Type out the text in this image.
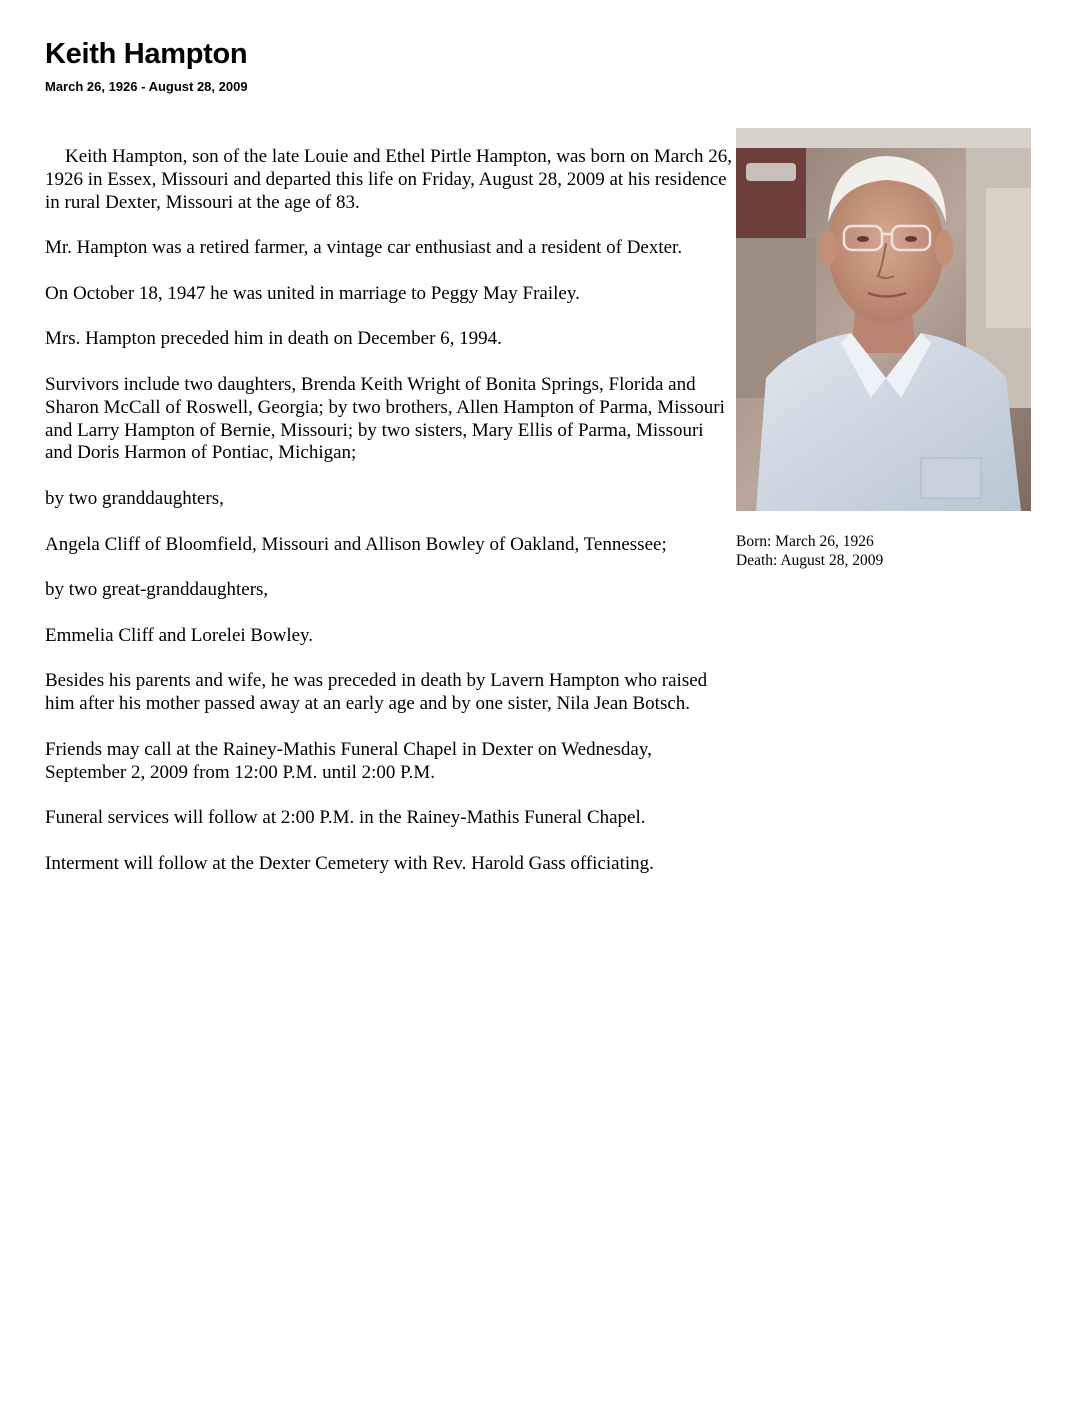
Keith Hampton
March 26, 1926 - August 28, 2009

Keith Hampton, son of the late Louie and Ethel Pirtle Hampton, was born on March 26, 1926 in Essex, Missouri and departed this life on Friday, August 28, 2009 at his residence in rural Dexter, Missouri at the age of 83.

Mr. Hampton was a retired farmer, a vintage car enthusiast and a resident of Dexter.

On October 18, 1947 he was united in marriage to Peggy May Frailey.

Mrs. Hampton preceded him in death on December 6, 1994.

Survivors include two daughters, Brenda Keith Wright of Bonita Springs, Florida and Sharon McCall of Roswell, Georgia; by two brothers, Allen Hampton of Parma, Missouri and Larry Hampton of Bernie, Missouri; by two sisters, Mary Ellis of Parma, Missouri and Doris Harmon of Pontiac, Michigan;

by two granddaughters,

Angela Cliff of Bloomfield, Missouri and Allison Bowley of Oakland, Tennessee;

by two great-granddaughters,

Emmelia Cliff and Lorelei Bowley.

Besides his parents and wife, he was preceded in death by Lavern Hampton who raised him after his mother passed away at an early age and by one sister, Nila Jean Botsch.

Friends may call at the Rainey-Mathis Funeral Chapel in Dexter on Wednesday, September 2, 2009 from 12:00 P.M. until 2:00 P.M.

Funeral services will follow at 2:00 P.M. in the Rainey-Mathis Funeral Chapel.

Interment will follow at the Dexter Cemetery with Rev. Harold Gass officiating.

Born: March 26, 1926
Death: August 28, 2009
